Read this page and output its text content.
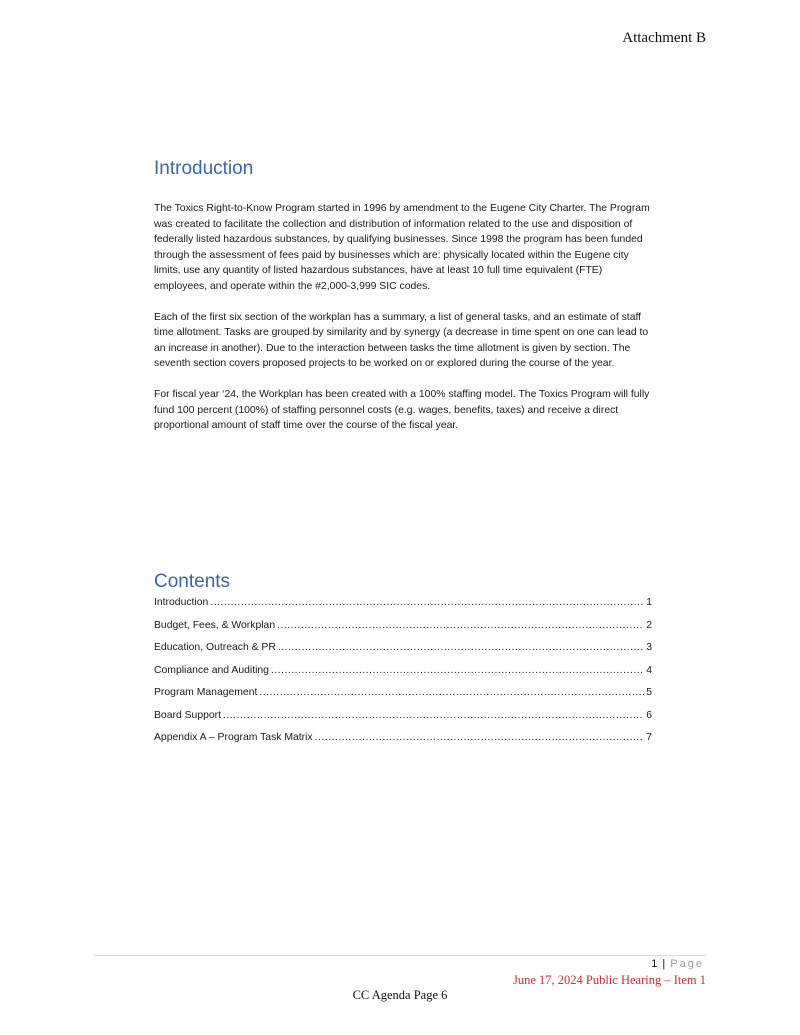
Attachment B
Introduction

The Toxics Right-to-Know Program started in 1996 by amendment to the Eugene City Charter. The Program was created to facilitate the collection and distribution of information related to the use and disposition of federally listed hazardous substances, by qualifying businesses. Since 1998 the program has been funded through the assessment of fees paid by businesses which are: physically located within the Eugene city limits, use any quantity of listed hazardous substances, have at least 10 full time equivalent (FTE) employees, and operate within the #2,000-3,999 SIC codes.

Each of the first six section of the workplan has a summary, a list of general tasks, and an estimate of staff time allotment. Tasks are grouped by similarity and by synergy (a decrease in time spent on one can lead to an increase in another). Due to the interaction between tasks the time allotment is given by section. The seventh section covers proposed projects to be worked on or explored during the course of the year.

For fiscal year ‘24, the Workplan has been created with a 100% staffing model. The Toxics Program will fully fund 100 percent (100%) of staffing personnel costs (e.g. wages, benefits, taxes) and receive a direct proportional amount of staff time over the course of the fiscal year.

Contents
Introduction .....	1
Budget, Fees, & Workplan .....	2
Education, Outreach & PR .....	3
Compliance and Auditing .....	4
Program Management .....	5
Board Support .....	6
Appendix A – Program Task Matrix .....	7
1 | Page
June 17, 2024 Public Hearing – Item 1
CC Agenda Page 6
